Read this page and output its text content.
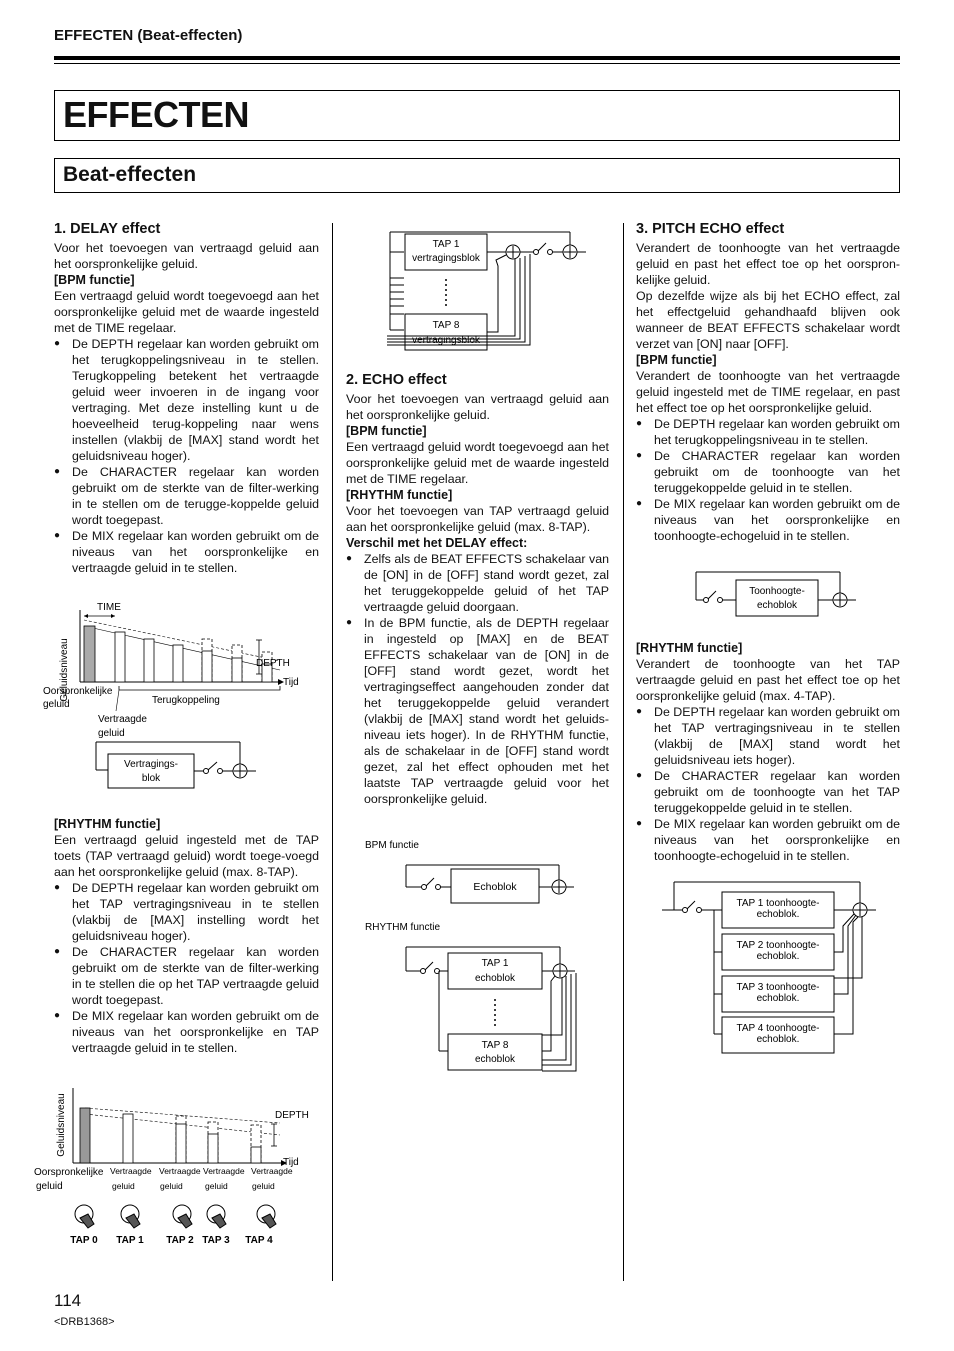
EFFECTEN (Beat-effecten)
EFFECTEN
Beat-effecten
1. DELAY effect

Voor het toevoegen van vertraagd geluid aan het oorspronkelijke geluid.

[BPM functie]

Een vertraagd geluid wordt toegevoegd aan het oorspronkelijke geluid met de waarde ingesteld met de TIME regelaar.

● De DEPTH regelaar kan worden gebruikt om het terugkoppelingsniveau in te stellen. Terugkoppeling betekent het vertraagde geluid weer invoeren in de ingang voor vertraging. Met deze instelling kunt u de hoeveelheid terug-koppeling naar wens instellen (vlakbij de [MAX] stand wordt het geluidsniveau hoger).
● De CHARACTER regelaar kan worden gebruikt om de sterkte van de filter-werking in te stellen om de terugge-koppelde geluid wordt toegepast.
● De MIX regelaar kan worden gebruikt om de niveaus van het oorspronkelijke en vertraagde geluid in te stellen.
Geluidsniveau
TIME
DEPTH
Tijd
Oorspronkelijke
geluid	Terugkoppeling
Vertraagde
geluid
Vertragings-
blok
[RHYTHM functie]

Een vertraagd geluid ingesteld met de TAP toets (TAP vertraagd geluid) wordt toege-voegd aan het oorspronkelijke geluid (max. 8-TAP).

● De DEPTH regelaar kan worden gebruikt om het TAP vertragingsniveau in te stellen (vlakbij de [MAX] instelling wordt het geluidsniveau hoger).
● De CHARACTER regelaar kan worden gebruikt om de sterkte van de filter-werking in te stellen die op het TAP vertraagde geluid wordt toegepast.
● De MIX regelaar kan worden gebruikt om de niveaus van het oorspronkelijke en TAP vertraagde geluid in te stellen.
Geluidsniveau	DEPTH
Tijd
Oorspronkelijke
geluid
Vertraagde
geluid
Vertraagde
geluid
Vertraagde
geluid
Vertraagde
geluid
TAP 0 TAP 1 TAP 2 TAP 3 TAP 4
TAP 1
vertragingsblok
TAP 8
vertragingsblok
2. ECHO effect

Voor het toevoegen van vertraagd geluid aan het oorspronkelijke geluid.

[BPM functie]

Een vertraagd geluid wordt toegevoegd aan het oorspronkelijke geluid met de waarde ingesteld met de TIME regelaar.

[RHYTHM functie]

Voor het toevoegen van TAP vertraagd geluid aan het oorspronkelijke geluid (max. 8-TAP).

Verschil met het DELAY effect:
● Zelfs als de BEAT EFFECTS schakelaar van de [ON] in de [OFF] stand wordt gezet, zal het teruggekoppelde geluid of het TAP vertraagde geluid doorgaan.
● In de BPM functie, als de DEPTH regelaar in ingesteld op [MAX] en de BEAT EFFECTS schakelaar van de [ON] in de [OFF] stand wordt gezet, wordt het vertragingseffect aangehouden zonder dat het teruggekoppelde geluid verandert (vlakbij de [MAX] stand wordt het geluids-niveau iets hoger). In de RHYTHM functie, als de schakelaar in de [OFF] stand wordt gezet, zal het effect ophouden met het laatste TAP vertraagde geluid voor het oorspronkelijke geluid.
BPM functie
Echoblok
RHYTHM functie
TAP 1
echoblok
TAP 8
echoblok
3. PITCH ECHO effect

Verandert de toonhoogte van het vertraagde geluid en past het effect toe op het oorspron-kelijke geluid.

Op dezelfde wijze als bij het ECHO effect, zal het effectgeluid gehandhaafd blijven ook wanneer de BEAT EFFECTS schakelaar wordt verzet van [ON] naar [OFF].

[BPM functie]

Verandert de toonhoogte van het vertraagde geluid ingesteld met de TIME regelaar, en past het effect toe op het oorspronkelijke geluid.

● De DEPTH regelaar kan worden gebruikt om het terugkoppelingsniveau in te stellen.
● De CHARACTER regelaar kan worden gebruikt om de toonhoogte van het teruggekoppelde geluid in te stellen.
● De MIX regelaar kan worden gebruikt om de niveaus van het oorspronkelijke en toonhoogte-echogeluid in te stellen.
Toonhoogte-
echoblok
[RHYTHM functie]

Verandert de toonhoogte van het TAP vertraagde geluid en past het effect toe op het oorspronkelijke geluid (max. 4-TAP).

● De DEPTH regelaar kan worden gebruikt om het TAP vertragingsniveau in te stellen (vlakbij de [MAX] stand wordt het geluidsniveau iets hoger).
● De CHARACTER regelaar kan worden gebruikt om de toonhoogte van het TAP teruggekoppelde geluid in te stellen.
● De MIX regelaar kan worden gebruikt om de niveaus van het oorspronkelijke en toonhoogte-echogeluid in te stellen.
TAP 1 toonhoogte-
echoblok.
TAP 2 toonhoogte-
echoblok.
TAP 3 toonhoogte-
echoblok.
TAP 4 toonhoogte-
echoblok.
114
<DRB1368>
